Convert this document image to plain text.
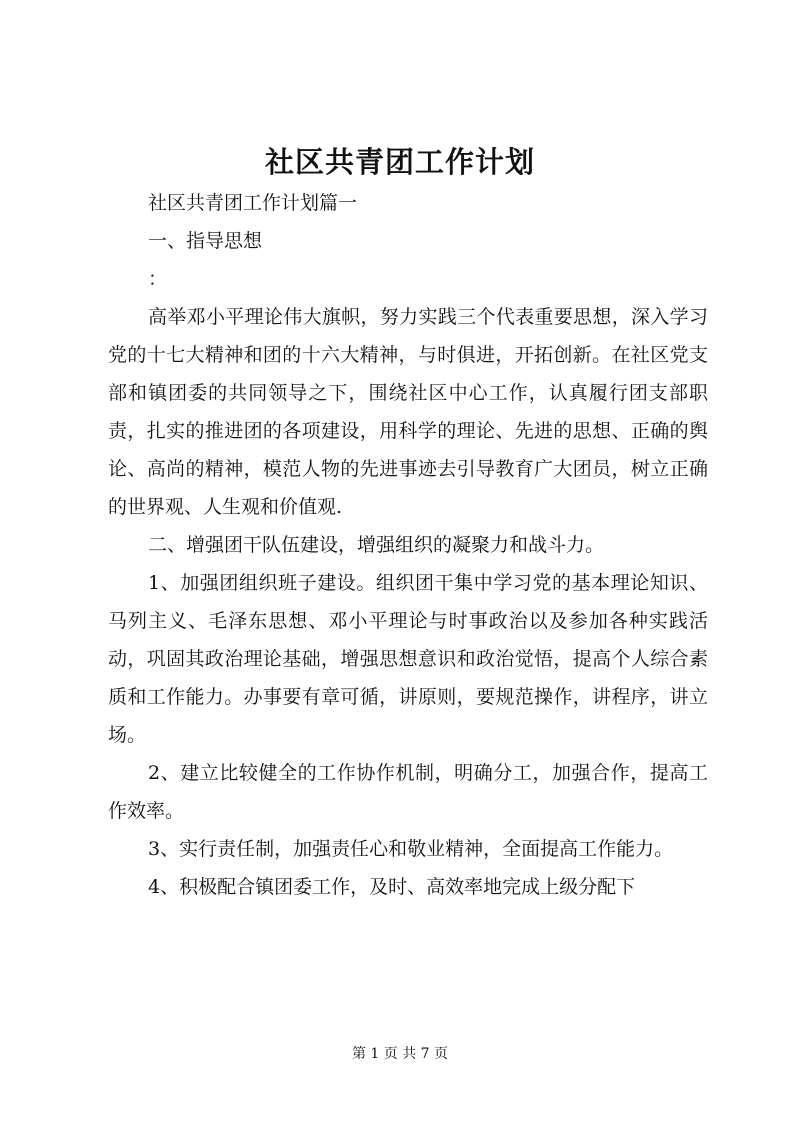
社区共青团工作计划

社区共青团工作计划篇一

一、指导思想

：

高举邓小平理论伟大旗帜，努力实践三个代表重要思想，深入学习党的十七大精神和团的十六大精神，与时俱进，开拓创新。在社区党支部和镇团委的共同领导之下，围绕社区中心工作，认真履行团支部职责，扎实的推进团的各项建设，用科学的理论、先进的思想、正确的舆论、高尚的精神，模范人物的先进事迹去引导教育广大团员，树立正确的世界观、人生观和价值观.

二、增强团干队伍建设，增强组织的凝聚力和战斗力。

1、加强团组织班子建设。组织团干集中学习党的基本理论知识、马列主义、毛泽东思想、邓小平理论与时事政治以及参加各种实践活动，巩固其政治理论基础，增强思想意识和政治觉悟，提高个人综合素质和工作能力。办事要有章可循，讲原则，要规范操作，讲程序，讲立场。

2、建立比较健全的工作协作机制，明确分工，加强合作，提高工作效率。

3、实行责任制，加强责任心和敬业精神，全面提高工作能力。

4、积极配合镇团委工作，及时、高效率地完成上级分配下

第 1 页 共 7 页
